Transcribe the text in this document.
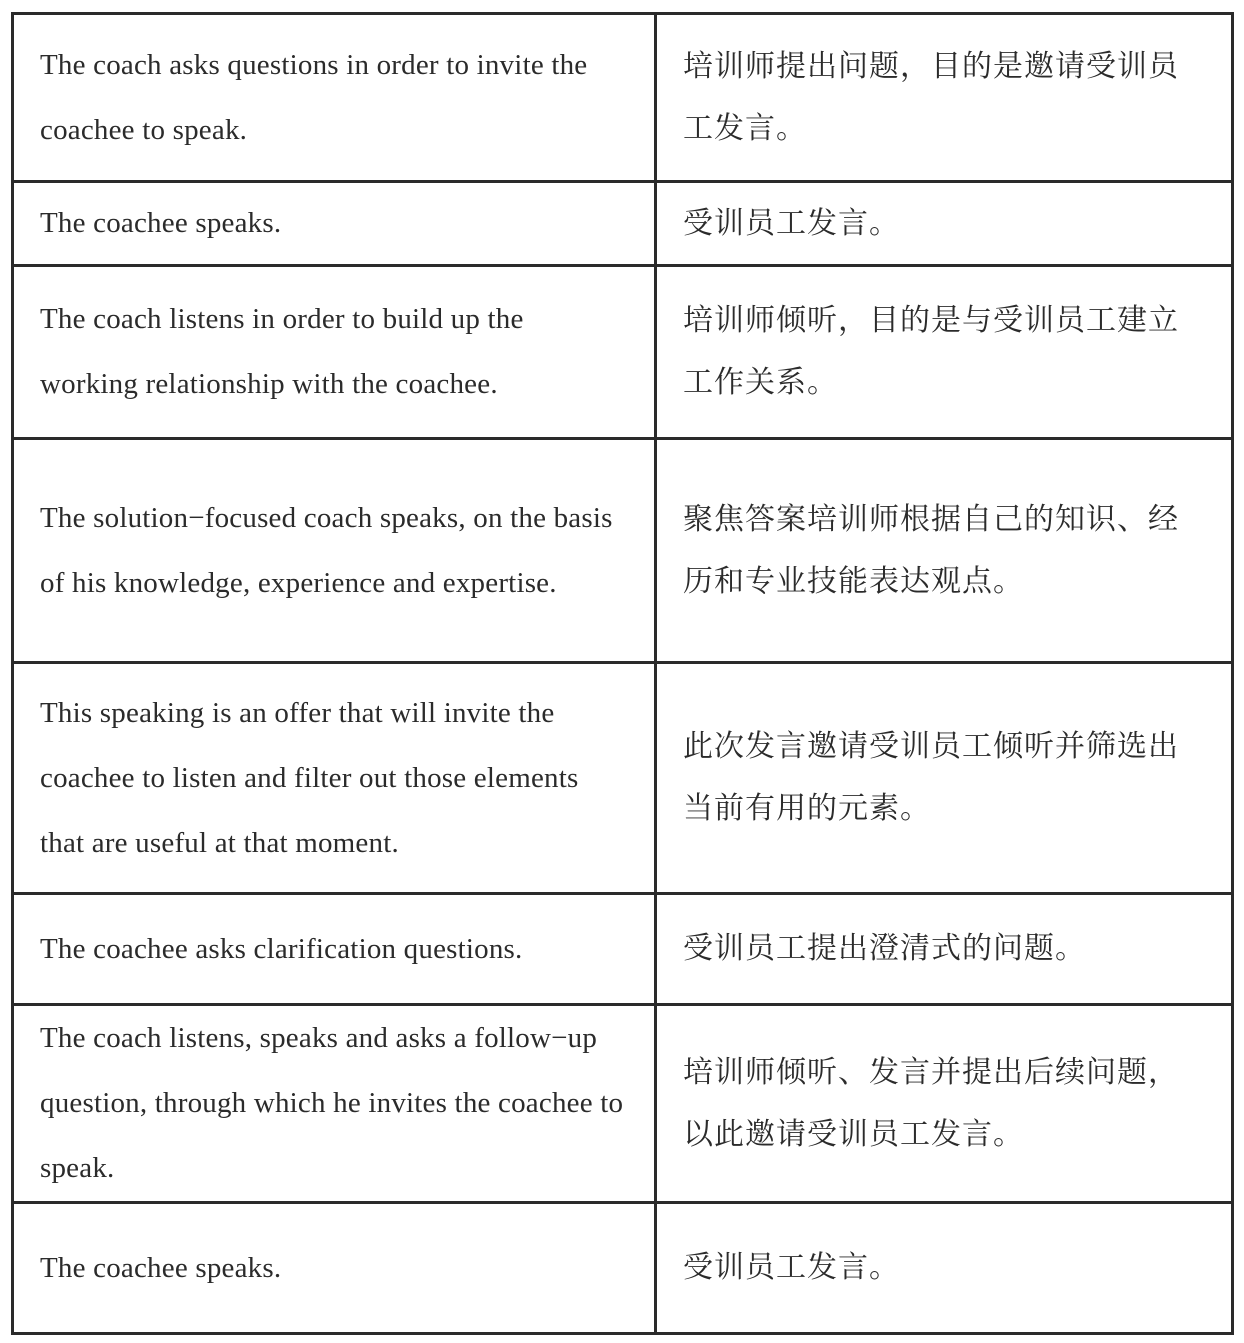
The coach asks questions in order to invite the coachee to speak.	培训师提出问题，目的是邀请受训员工发言。
The coachee speaks.	受训员工发言。
The coach listens in order to build up the working relationship with the coachee.	培训师倾听，目的是与受训员工建立工作关系。
The solution−focused coach speaks, on the basis of his knowledge, experience and expertise.	聚焦答案培训师根据自己的知识、经历和专业技能表达观点。
This speaking is an offer that will invite the coachee to listen and filter out those elements that are useful at that moment.	此次发言邀请受训员工倾听并筛选出当前有用的元素。
The coachee asks clarification questions.	受训员工提出澄清式的问题。
The coach listens, speaks and asks a follow−up question, through which he invites the coachee to speak.	培训师倾听、发言并提出后续问题，以此邀请受训员工发言。
The coachee speaks.	受训员工发言。
